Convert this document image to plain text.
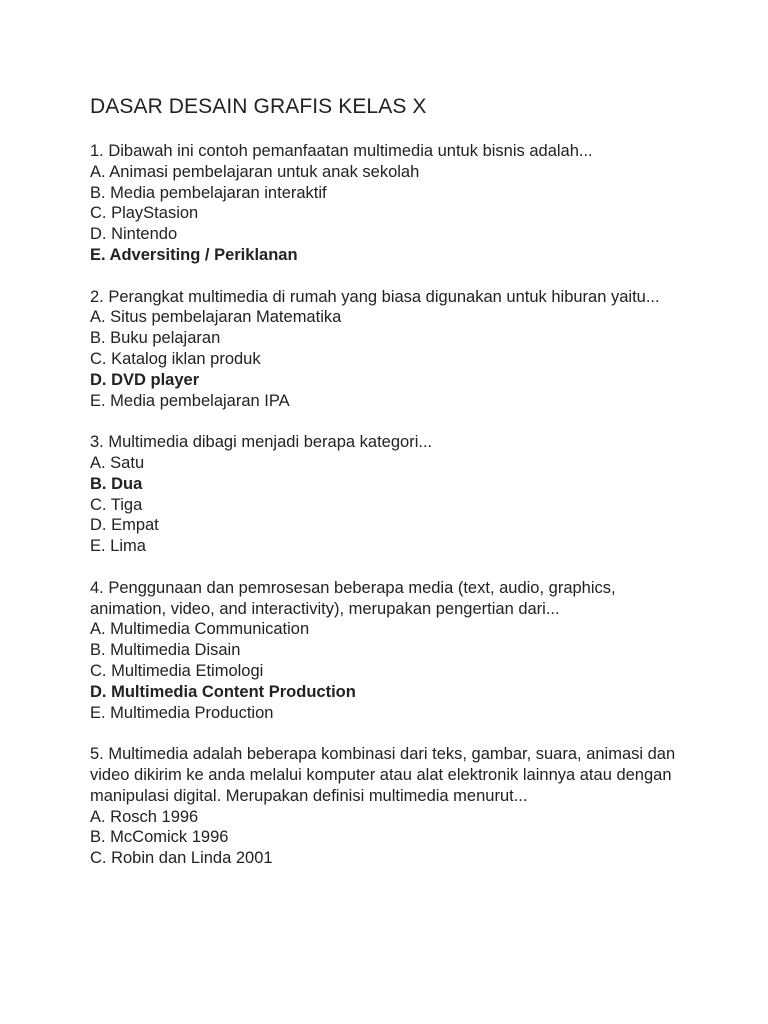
DASAR DESAIN GRAFIS KELAS X

1. Dibawah ini contoh pemanfaatan multimedia untuk bisnis adalah...

A. Animasi pembelajaran untuk anak sekolah
B. Media pembelajaran interaktif
C. PlayStasion
D. Nintendo
E. Adversiting / Periklanan

2. Perangkat multimedia di rumah yang biasa digunakan untuk hiburan yaitu...

A. Situs pembelajaran Matematika
B. Buku pelajaran
C. Katalog iklan produk
D. DVD player
E. Media pembelajaran IPA

3. Multimedia dibagi menjadi berapa kategori...

A. Satu
B. Dua
C. Tiga
D. Empat
E. Lima

4. Penggunaan dan pemrosesan beberapa media (text, audio, graphics, animation, video, and interactivity), merupakan pengertian dari...

A. Multimedia Communication
B. Multimedia Disain
C. Multimedia Etimologi
D. Multimedia Content Production
E. Multimedia Production

5. Multimedia adalah beberapa kombinasi dari teks, gambar, suara, animasi dan video dikirim ke anda melalui komputer atau alat elektronik lainnya atau dengan manipulasi digital. Merupakan definisi multimedia menurut...

A. Rosch 1996
B. McComick 1996
C. Robin dan Linda 2001
